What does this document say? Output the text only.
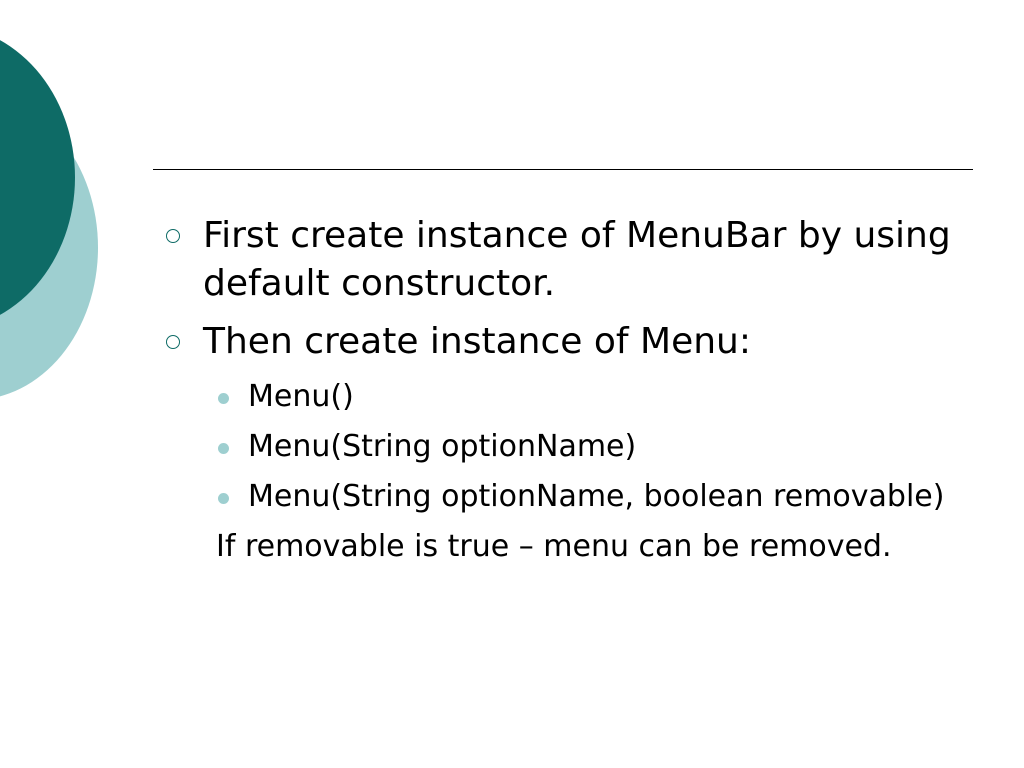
First create instance of MenuBar by using default constructor.
Then create instance of Menu:
Menu()
Menu(String optionName)
Menu(String optionName, boolean removable)
If removable is true – menu can be removed.
